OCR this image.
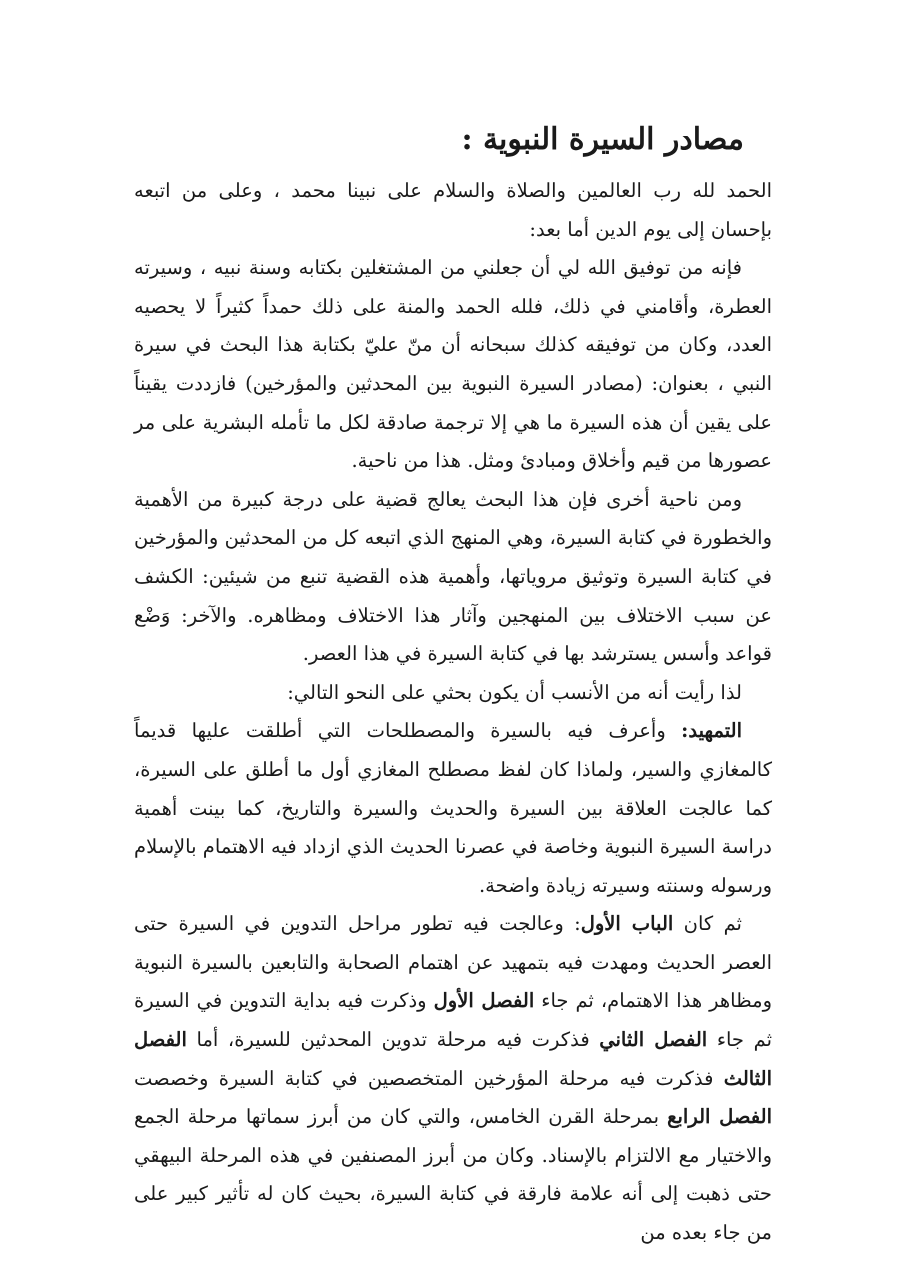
مصادر السيرة النبوية :

الحمد لله رب العالمين والصلاة والسلام على نبينا محمد ، وعلى من اتبعه بإحسان إلى يوم الدين أما بعد:

فإنه من توفيق الله لي أن جعلني من المشتغلين بكتابه وسنة نبيه ، وسيرته العطرة، وأقامني في ذلك، فلله الحمد والمنة على ذلك حمداً كثيراً لا يحصيه العدد، وكان من توفيقه كذلك سبحانه أن منّ عليّ بكتابة هذا البحث في سيرة النبي ، بعنوان: (مصادر السيرة النبوية بين المحدثين والمؤرخين) فازددت يقيناً على يقين أن هذه السيرة ما هي إلا ترجمة صادقة لكل ما تأمله البشرية على مر عصورها من قيم وأخلاق ومبادئ ومثل. هذا من ناحية.

ومن ناحية أخرى فإن هذا البحث يعالج قضية على درجة كبيرة من الأهمية والخطورة في كتابة السيرة، وهي المنهج الذي اتبعه كل من المحدثين والمؤرخين في كتابة السيرة وتوثيق مروياتها، وأهمية هذه القضية تنبع من شيئين: الكشف عن سبب الاختلاف بين المنهجين وآثار هذا الاختلاف ومظاهره. والآخر: وَضْع قواعد وأسس يسترشد بها في كتابة السيرة في هذا العصر.

لذا رأيت أنه من الأنسب أن يكون بحثي على النحو التالي:

التمهيد: وأعرف فيه بالسيرة والمصطلحات التي أطلقت عليها قديماً كالمغازي والسير، ولماذا كان لفظ مصطلح المغازي أول ما أطلق على السيرة، كما عالجت العلاقة بين السيرة والحديث والسيرة والتاريخ، كما بينت أهمية دراسة السيرة النبوية وخاصة في عصرنا الحديث الذي ازداد فيه الاهتمام بالإسلام ورسوله وسنته وسيرته زيادة واضحة.

ثم كان الباب الأول: وعالجت فيه تطور مراحل التدوين في السيرة حتى العصر الحديث ومهدت فيه بتمهيد عن اهتمام الصحابة والتابعين بالسيرة النبوية ومظاهر هذا الاهتمام، ثم جاء الفصل الأول وذكرت فيه بداية التدوين في السيرة ثم جاء الفصل الثاني فذكرت فيه مرحلة تدوين المحدثين للسيرة، أما الفصل الثالث فذكرت فيه مرحلة المؤرخين المتخصصين في كتابة السيرة وخصصت الفصل الرابع بمرحلة القرن الخامس، والتي كان من أبرز سماتها مرحلة الجمع والاختيار مع الالتزام بالإسناد. وكان من أبرز المصنفين في هذه المرحلة البيهقي حتى ذهبت إلى أنه علامة فارقة في كتابة السيرة، بحيث كان له تأثير كبير على من جاء بعده من
